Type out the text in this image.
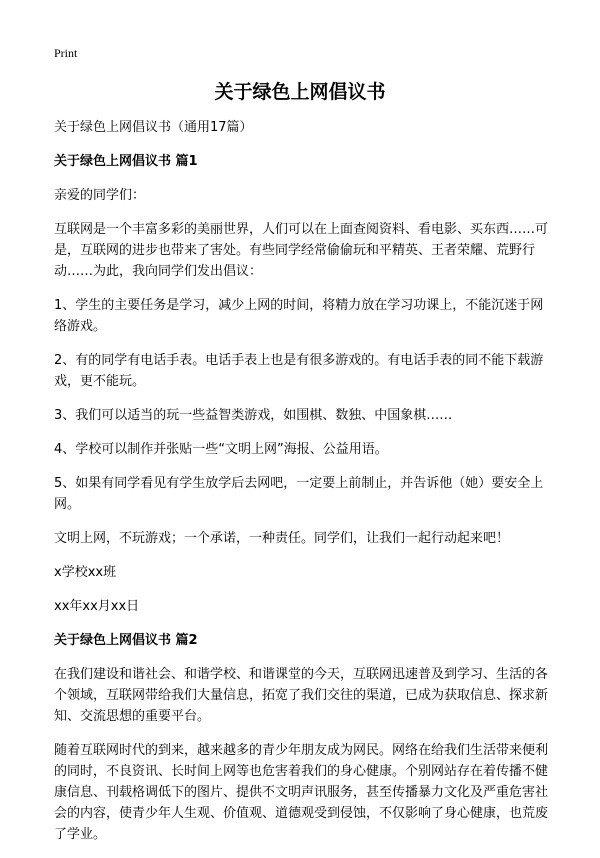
Print
关于绿色上网倡议书

关于绿色上网倡议书（通用17篇）

关于绿色上网倡议书 篇1

亲爱的同学们：

互联网是一个丰富多彩的美丽世界，人们可以在上面查阅资料、看电影、买东西……可是，互联网的进步也带来了害处。有些同学经常偷偷玩和平精英、王者荣耀、荒野行动……为此，我向同学们发出倡议：

1、学生的主要任务是学习，减少上网的时间，将精力放在学习功课上，不能沉迷于网络游戏。

2、有的同学有电话手表。电话手表上也是有很多游戏的。有电话手表的同不能下载游戏，更不能玩。

3、我们可以适当的玩一些益智类游戏，如围棋、数独、中国象棋……

4、学校可以制作并张贴一些“文明上网”海报、公益用语。

5、如果有同学看见有学生放学后去网吧，一定要上前制止，并告诉他（她）要安全上网。

文明上网，不玩游戏；一个承诺，一种责任。同学们，让我们一起行动起来吧！

x学校xx班

xx年xx月xx日

关于绿色上网倡议书 篇2

在我们建设和谐社会、和谐学校、和谐课堂的今天，互联网迅速普及到学习、生活的各个领域，互联网带给我们大量信息，拓宽了我们交往的渠道，已成为获取信息、探求新知、交流思想的重要平台。

随着互联网时代的到来，越来越多的青少年朋友成为网民。网络在给我们生活带来便利的同时，不良资讯、长时间上网等也危害着我们的身心健康。个别网站存在着传播不健康信息、刊载格调低下的图片、提供不文明声讯服务，甚至传播暴力文化及严重危害社会的内容，使青少年人生观、价值观、道德观受到侵蚀，不仅影响了身心健康，也荒废了学业。
